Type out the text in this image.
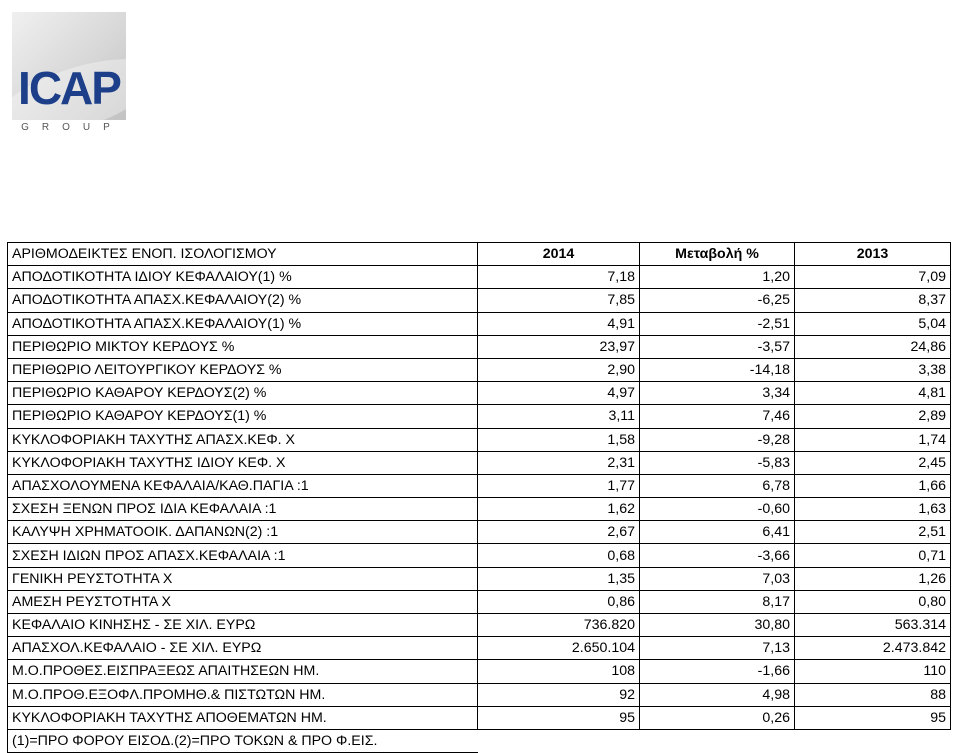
ICAP
GROUP
ΑΡΙΘΜΟΔΕΙΚΤΕΣ ΕΝΟΠ. ΙΣΟΛΟΓΙΣΜΟΥ	2014	Μεταβολή %	2013
ΑΠΟΔΟΤΙΚΟΤΗΤΑ ΙΔΙΟΥ ΚΕΦΑΛΑΙΟΥ(1) %	7,18	1,20	7,09
ΑΠΟΔΟΤΙΚΟΤΗΤΑ ΑΠΑΣΧ.ΚΕΦΑΛΑΙΟΥ(2) %	7,85	-6,25	8,37
ΑΠΟΔΟΤΙΚΟΤΗΤΑ ΑΠΑΣΧ.ΚΕΦΑΛΑΙΟΥ(1) %	4,91	-2,51	5,04
ΠΕΡΙΘΩΡΙΟ ΜΙΚΤΟΥ ΚΕΡΔΟΥΣ %	23,97	-3,57	24,86
ΠΕΡΙΘΩΡΙΟ ΛΕΙΤΟΥΡΓΙΚΟΥ ΚΕΡΔΟΥΣ %	2,90	-14,18	3,38
ΠΕΡΙΘΩΡΙΟ ΚΑΘΑΡΟΥ ΚΕΡΔΟΥΣ(2) %	4,97	3,34	4,81
ΠΕΡΙΘΩΡΙΟ ΚΑΘΑΡΟΥ ΚΕΡΔΟΥΣ(1) %	3,11	7,46	2,89
ΚΥΚΛΟΦΟΡΙΑΚΗ ΤΑΧΥΤΗΣ ΑΠΑΣΧ.ΚΕΦ. Χ	1,58	-9,28	1,74
ΚΥΚΛΟΦΟΡΙΑΚΗ ΤΑΧΥΤΗΣ ΙΔΙΟΥ ΚΕΦ. Χ	2,31	-5,83	2,45
ΑΠΑΣΧΟΛΟΥΜΕΝΑ ΚΕΦΑΛΑΙΑ/ΚΑΘ.ΠΑΓΙΑ :1	1,77	6,78	1,66
ΣΧΕΣΗ ΞΕΝΩΝ ΠΡΟΣ ΙΔΙΑ ΚΕΦΑΛΑΙΑ :1	1,62	-0,60	1,63
ΚΑΛΥΨΗ ΧΡΗΜΑΤΟΟΙΚ. ΔΑΠΑΝΩΝ(2) :1	2,67	6,41	2,51
ΣΧΕΣΗ ΙΔΙΩΝ ΠΡΟΣ ΑΠΑΣΧ.ΚΕΦΑΛΑΙΑ :1	0,68	-3,66	0,71
ΓΕΝΙΚΗ ΡΕΥΣΤΟΤΗΤΑ Χ	1,35	7,03	1,26
ΑΜΕΣΗ ΡΕΥΣΤΟΤΗΤΑ Χ	0,86	8,17	0,80
ΚΕΦΑΛΑΙΟ ΚΙΝΗΣΗΣ - ΣΕ ΧΙΛ. ΕΥΡΩ	736.820	30,80	563.314
ΑΠΑΣΧΟΛ.ΚΕΦΑΛΑΙΟ - ΣΕ ΧΙΛ. ΕΥΡΩ	2.650.104	7,13	2.473.842
Μ.Ο.ΠΡΟΘΕΣ.ΕΙΣΠΡΑΞΕΩΣ ΑΠΑΙΤΗΣΕΩΝ ΗΜ.	108	-1,66	110
Μ.Ο.ΠΡΟΘ.ΕΞΟΦΛ.ΠΡΟΜΗΘ.& ΠΙΣΤΩΤΩΝ ΗΜ.	92	4,98	88
ΚΥΚΛΟΦΟΡΙΑΚΗ ΤΑΧΥΤΗΣ ΑΠΟΘΕΜΑΤΩΝ ΗΜ.	95	0,26	95
(1)=ΠΡΟ ΦΟΡΟΥ ΕΙΣΟΔ.(2)=ΠΡΟ ΤΟΚΩΝ & ΠΡΟ Φ.ΕΙΣ.			
